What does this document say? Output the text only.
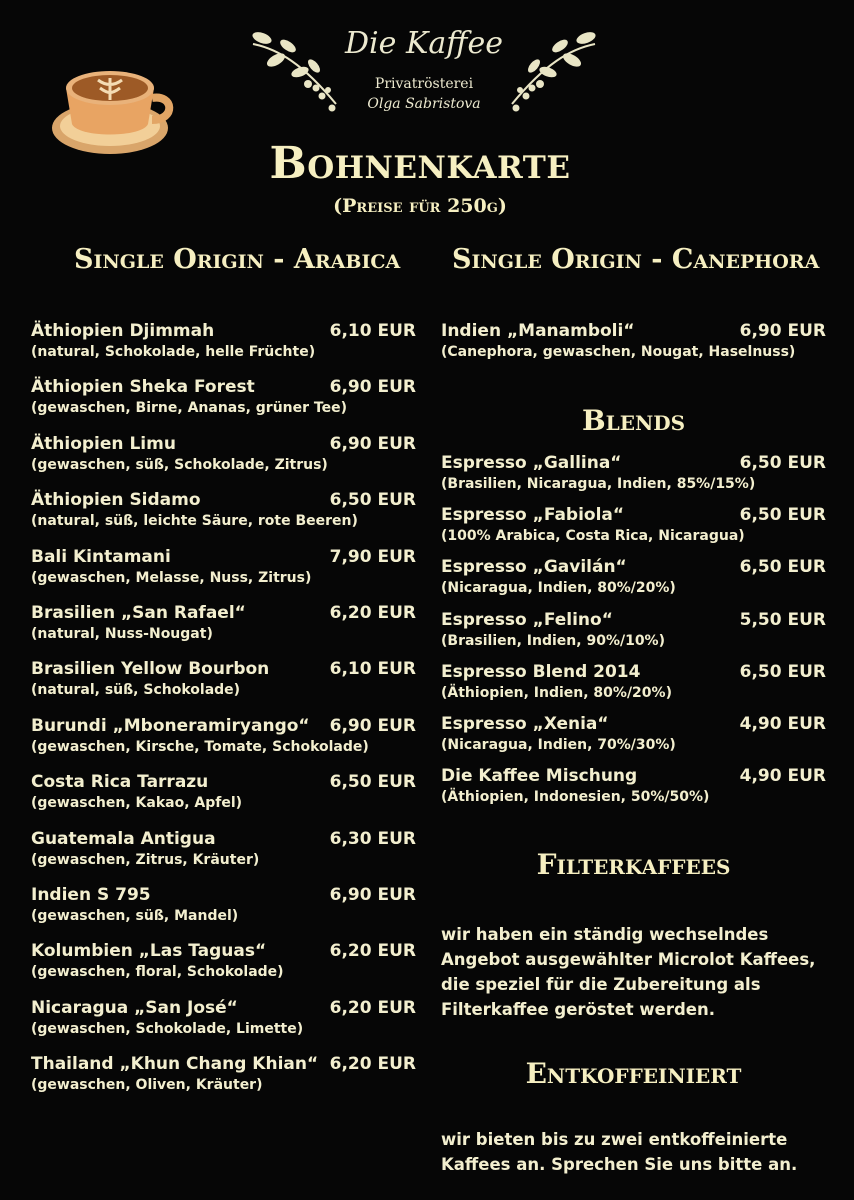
Die Kaffee
Privatrösterei
Olga Sabristova
Bohnenkarte
(Preise für 250g)
Single Origin - Arabica
Äthiopien Djimmah	6,10 EUR
(natural, Schokolade, helle Früchte)
Äthiopien Sheka Forest	6,90 EUR
(gewaschen, Birne, Ananas, grüner Tee)
Äthiopien Limu	6,90 EUR
(gewaschen, süß, Schokolade, Zitrus)
Äthiopien Sidamo	6,50 EUR
(natural, süß, leichte Säure, rote Beeren)
Bali Kintamani	7,90 EUR
(gewaschen, Melasse, Nuss, Zitrus)
Brasilien „San Rafael“	6,20 EUR
(natural, Nuss-Nougat)
Brasilien Yellow Bourbon	6,10 EUR
(natural, süß, Schokolade)
Burundi „Mboneramiryango“ 6,90 EUR
(gewaschen, Kirsche, Tomate, Schokolade)
Costa Rica Tarrazu	6,50 EUR
(gewaschen, Kakao, Apfel)
Guatemala Antigua	6,30 EUR
(gewaschen, Zitrus, Kräuter)
Indien S 795	6,90 EUR
(gewaschen, süß, Mandel)
Kolumbien „Las Taguas“	6,20 EUR
(gewaschen, floral, Schokolade)
Nicaragua „San José“	6,20 EUR
(gewaschen, Schokolade, Limette)
Thailand „Khun Chang Khian“ 6,20 EUR
(gewaschen, Oliven, Kräuter)
Single Origin - Canephora
Indien „Manamboli“	6,90 EUR
(Canephora, gewaschen, Nougat, Haselnuss)
Blends
Espresso „Gallina“	6,50 EUR
(Brasilien, Nicaragua, Indien, 85%/15%)
Espresso „Fabiola“	6,50 EUR
(100% Arabica, Costa Rica, Nicaragua)
Espresso „Gavilán“	6,50 EUR
(Nicaragua, Indien, 80%/20%)
Espresso „Felino“	5,50 EUR
(Brasilien, Indien, 90%/10%)
Espresso Blend 2014	6,50 EUR
(Äthiopien, Indien, 80%/20%)
Espresso „Xenia“	4,90 EUR
(Nicaragua, Indien, 70%/30%)
Die Kaffee Mischung	4,90 EUR
(Äthiopien, Indonesien, 50%/50%)
Filterkaffees
wir haben ein ständig wechselndes
Angebot ausgewählter Microlot Kaffees,
die speziel für die Zubereitung als
Filterkaffee geröstet werden.
Entkoffeiniert
wir bieten bis zu zwei entkoffeinierte
Kaffees an. Sprechen Sie uns bitte an.
